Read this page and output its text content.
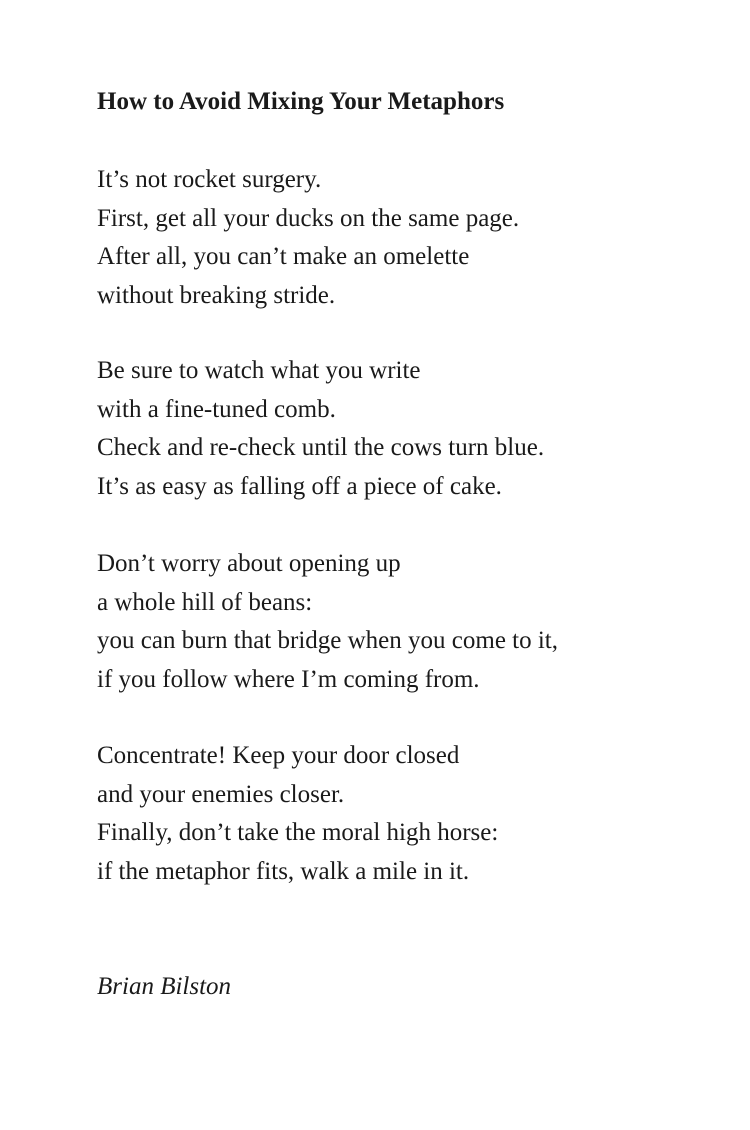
How to Avoid Mixing Your Metaphors
It’s not rocket surgery.
First, get all your ducks on the same page.
After all, you can’t make an omelette
without breaking stride.
Be sure to watch what you write
with a fine-tuned comb.
Check and re-check until the cows turn blue.
It’s as easy as falling off a piece of cake.
Don’t worry about opening up
a whole hill of beans:
you can burn that bridge when you come to it,
if you follow where I’m coming from.
Concentrate! Keep your door closed
and your enemies closer.
Finally, don’t take the moral high horse:
if the metaphor fits, walk a mile in it.
Brian Bilston
